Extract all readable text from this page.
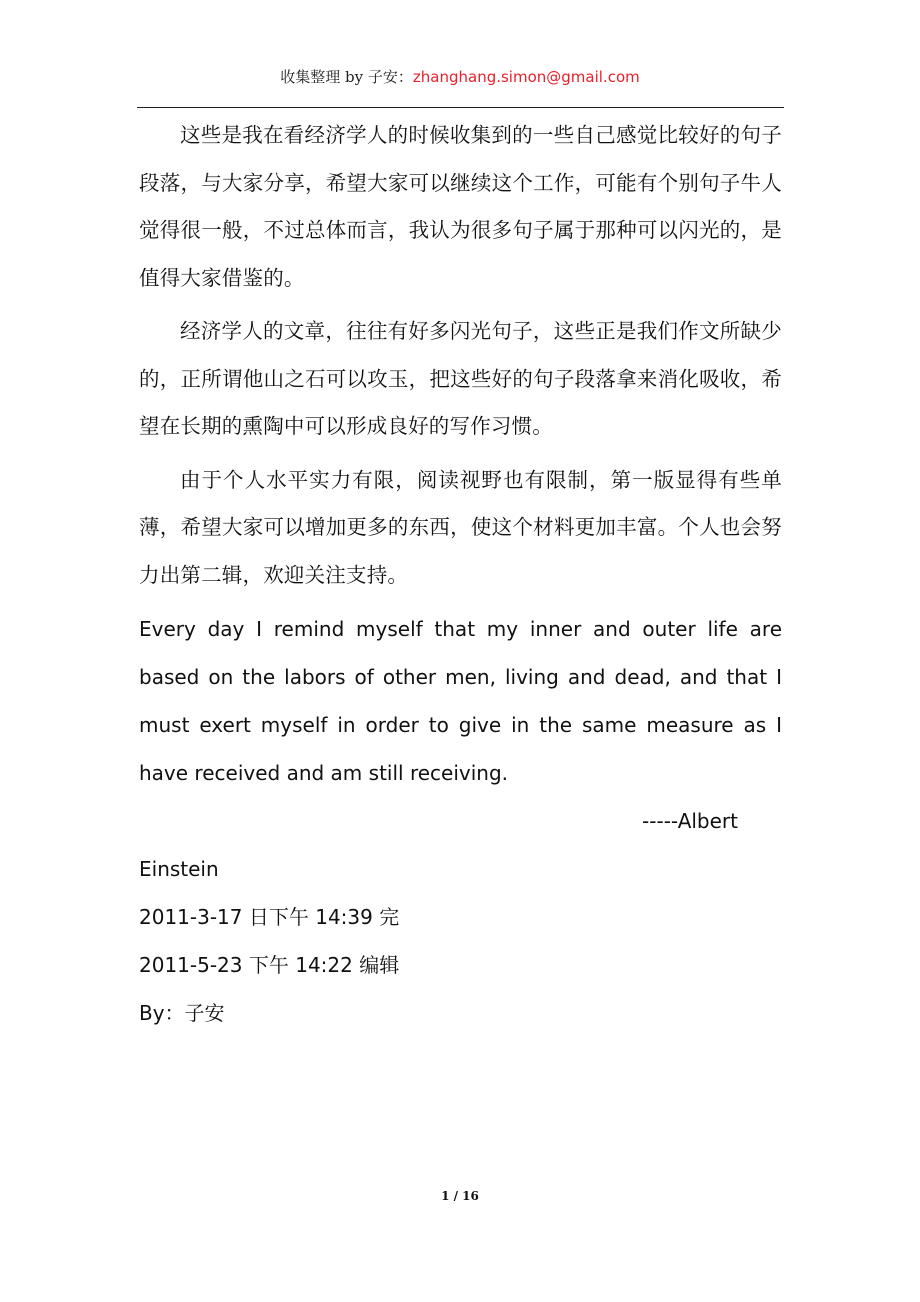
收集整理 by 子安：zhanghang.simon@gmail.com

这些是我在看经济学人的时候收集到的一些自己感觉比较好的句子段落，与大家分享，希望大家可以继续这个工作，可能有个别句子牛人觉得很一般，不过总体而言，我认为很多句子属于那种可以闪光的，是值得大家借鉴的。

经济学人的文章，往往有好多闪光句子，这些正是我们作文所缺少的，正所谓他山之石可以攻玉，把这些好的句子段落拿来消化吸收，希望在长期的熏陶中可以形成良好的写作习惯。

由于个人水平实力有限，阅读视野也有限制，第一版显得有些单薄，希望大家可以增加更多的东西，使这个材料更加丰富。个人也会努力出第二辑，欢迎关注支持。

Every day I remind myself that my inner and outer life are based on the labors of other men, living and dead, and that I must exert myself in order to give in the same measure as I have received and am still receiving.

-----Albert

Einstein

2011-3-17 日下午 14:39 完

2011-5-23 下午 14:22 编辑

By：子安

1 / 16
